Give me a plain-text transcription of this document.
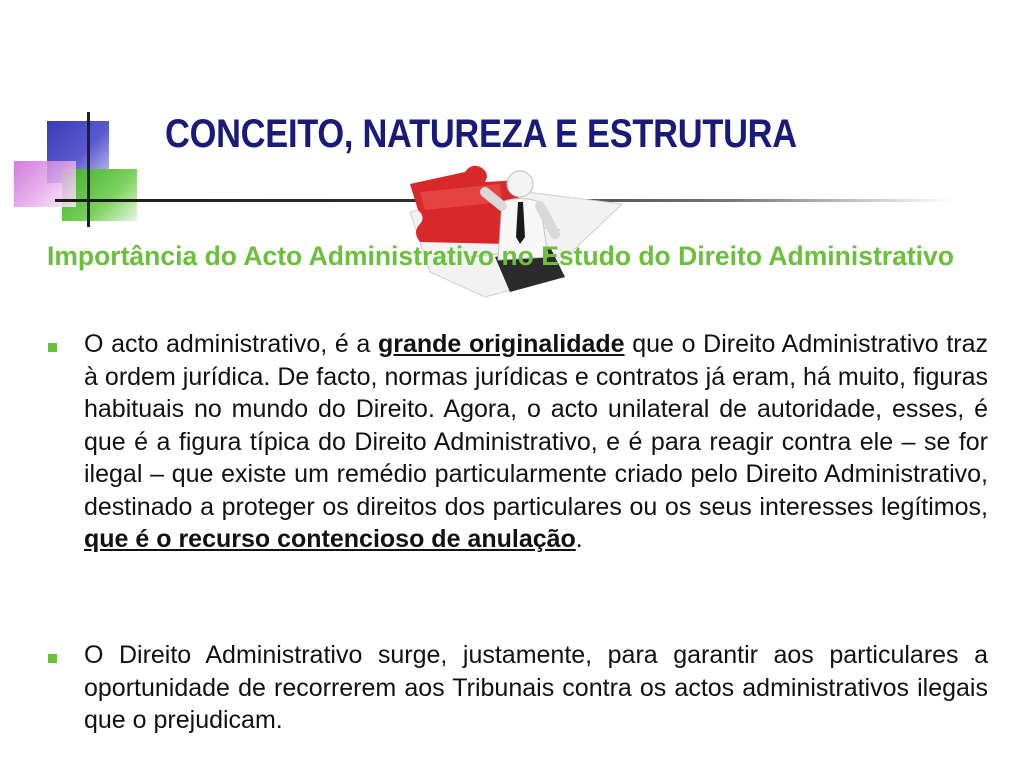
CONCEITO, NATUREZA E ESTRUTURA

Importância do Acto Administrativo no Estudo do Direito Administrativo

O acto administrativo, é a grande originalidade que o Direito Administrativo traz à ordem jurídica. De facto, normas jurídicas e contratos já eram, há muito, figuras habituais no mundo do Direito. Agora, o acto unilateral de autoridade, esses, é que é a figura típica do Direito Administrativo, e é para reagir contra ele – se for ilegal – que existe um remédio particularmente criado pelo Direito Administrativo, destinado a proteger os direitos dos particulares ou os seus interesses legítimos, que é o recurso contencioso de anulação.

O Direito Administrativo surge, justamente, para garantir aos particulares a oportunidade de recorrerem aos Tribunais contra os actos administrativos ilegais que o prejudicam.
